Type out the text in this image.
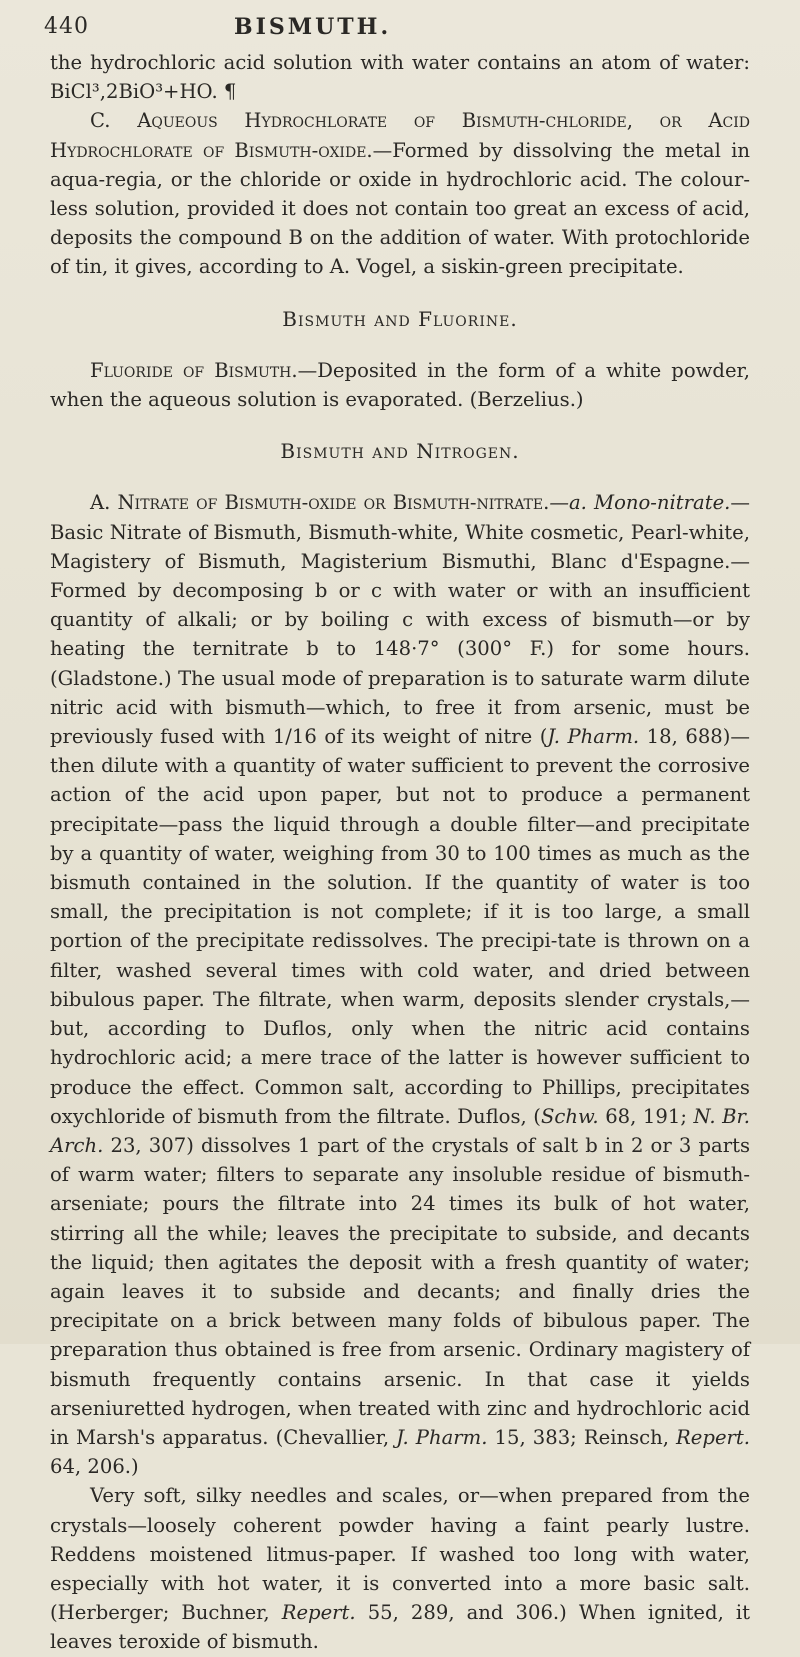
440	BISMUTH.

the hydrochloric acid solution with water contains an atom of water: BiCl³,2BiO³+HO. ¶

C. Aqueous Hydrochlorate of Bismuth-chloride, or Acid Hydrochlorate of Bismuth-oxide.—Formed by dissolving the metal in aqua-regia, or the chloride or oxide in hydrochloric acid. The colour-less solution, provided it does not contain too great an excess of acid, deposits the compound B on the addition of water. With protochloride of tin, it gives, according to A. Vogel, a siskin-green precipitate.

Bismuth and Fluorine.

Fluoride of Bismuth.—Deposited in the form of a white powder, when the aqueous solution is evaporated. (Berzelius.)

Bismuth and Nitrogen.

A. Nitrate of Bismuth-oxide or Bismuth-nitrate.—a. Mono-nitrate.—Basic Nitrate of Bismuth, Bismuth-white, White cosmetic, Pearl-white, Magistery of Bismuth, Magisterium Bismuthi, Blanc d'Espagne.— Formed by decomposing b or c with water or with an insufficient quantity of alkali; or by boiling c with excess of bismuth—or by heating the ternitrate b to 148·7° (300° F.) for some hours. (Gladstone.) The usual mode of preparation is to saturate warm dilute nitric acid with bismuth—which, to free it from arsenic, must be previously fused with 1/16 of its weight of nitre (J. Pharm. 18, 688)—then dilute with a quantity of water sufficient to prevent the corrosive action of the acid upon paper, but not to produce a permanent precipitate—pass the liquid through a double filter—and precipitate by a quantity of water, weighing from 30 to 100 times as much as the bismuth contained in the solution. If the quantity of water is too small, the precipitation is not complete; if it is too large, a small portion of the precipitate redissolves. The precipi-tate is thrown on a filter, washed several times with cold water, and dried between bibulous paper. The filtrate, when warm, deposits slender crystals,—but, according to Duflos, only when the nitric acid contains hydrochloric acid; a mere trace of the latter is however sufficient to produce the effect. Common salt, according to Phillips, precipitates oxychloride of bismuth from the filtrate. Duflos, (Schw. 68, 191; N. Br. Arch. 23, 307) dissolves 1 part of the crystals of salt b in 2 or 3 parts of warm water; filters to separate any insoluble residue of bismuth-arseniate; pours the filtrate into 24 times its bulk of hot water, stirring all the while; leaves the precipitate to subside, and decants the liquid; then agitates the deposit with a fresh quantity of water; again leaves it to subside and decants; and finally dries the precipitate on a brick between many folds of bibulous paper. The preparation thus obtained is free from arsenic. Ordinary magistery of bismuth frequently contains arsenic. In that case it yields arseniuretted hydrogen, when treated with zinc and hydrochloric acid in Marsh's apparatus. (Chevallier, J. Pharm. 15, 383; Reinsch, Repert. 64, 206.)

Very soft, silky needles and scales, or—when prepared from the crystals—loosely coherent powder having a faint pearly lustre. Reddens moistened litmus-paper. If washed too long with water, especially with hot water, it is converted into a more basic salt. (Herberger; Buchner, Repert. 55, 289, and 306.) When ignited, it leaves teroxide of bismuth.
